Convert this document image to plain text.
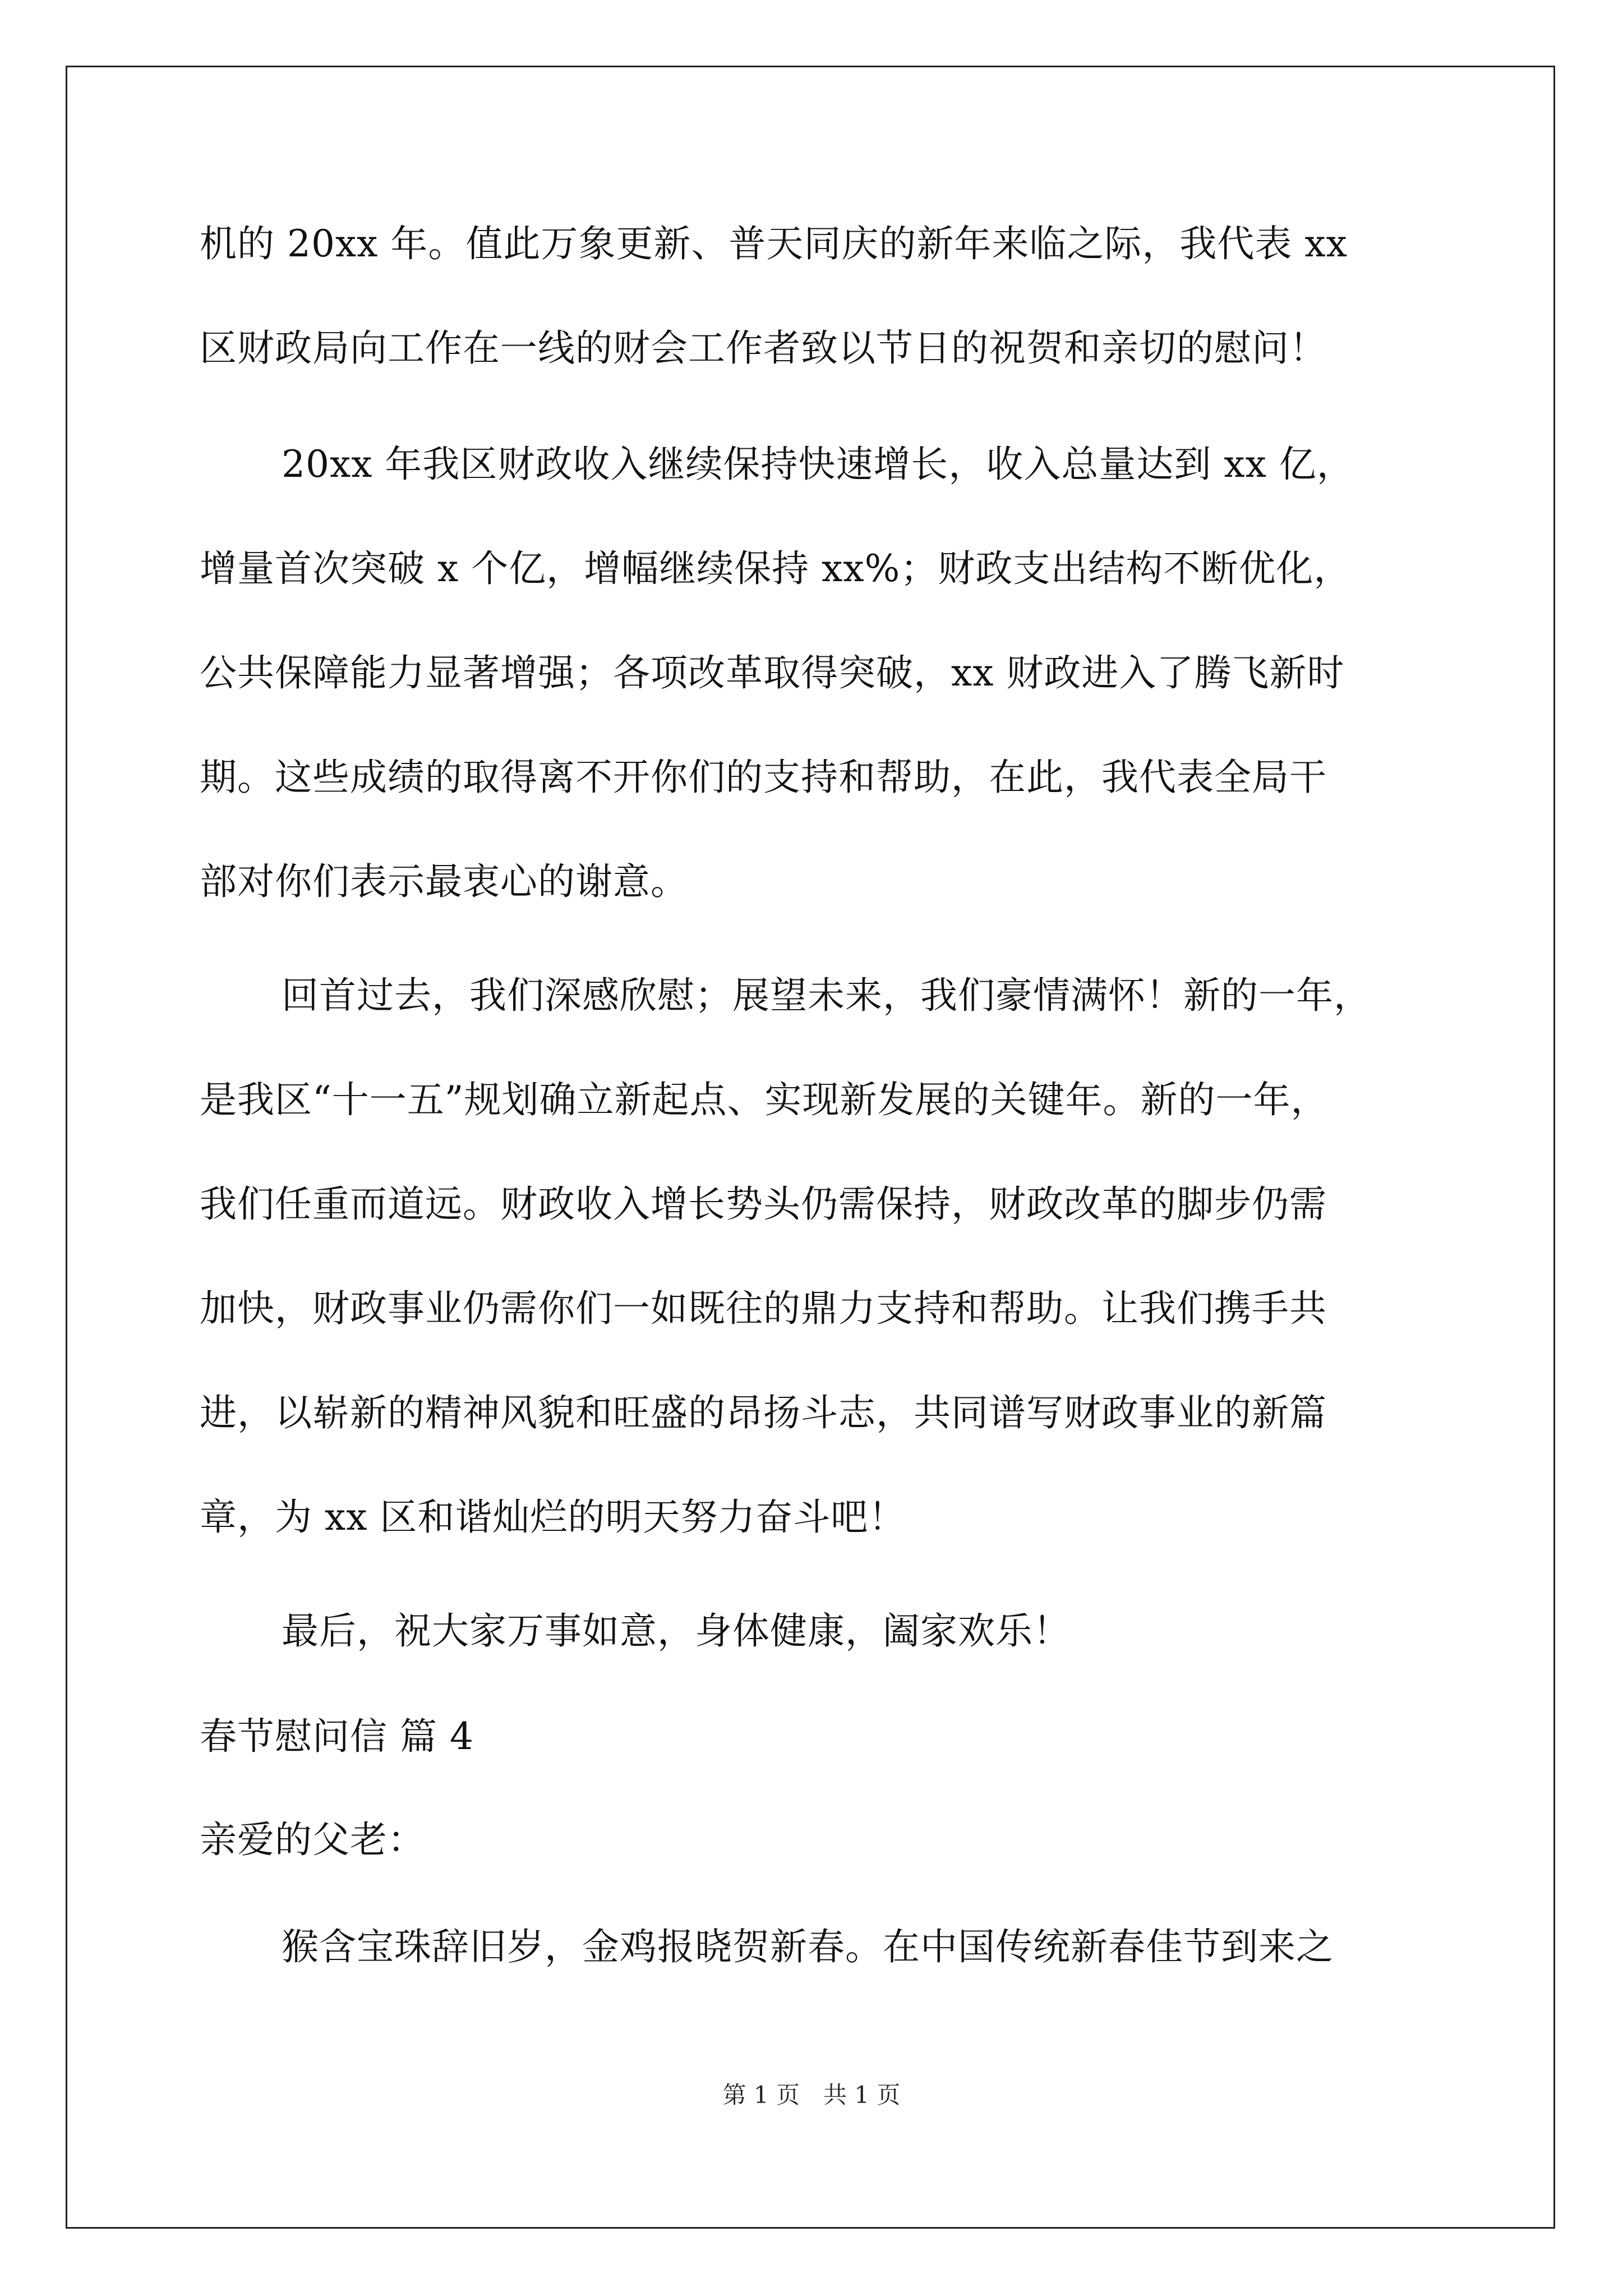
机的 20xx 年。值此万象更新、普天同庆的新年来临之际，我代表 xx
区财政局向工作在一线的财会工作者致以节日的祝贺和亲切的慰问！
20xx 年我区财政收入继续保持快速增长，收入总量达到 xx 亿，
增量首次突破 x 个亿，增幅继续保持 xx%；财政支出结构不断优化，
公共保障能力显著增强；各项改革取得突破，xx 财政进入了腾飞新时
期。这些成绩的取得离不开你们的支持和帮助，在此，我代表全局干
部对你们表示最衷心的谢意。
回首过去，我们深感欣慰；展望未来，我们豪情满怀！新的一年，
是我区“十一五”规划确立新起点、实现新发展的关键年。新的一年，
我们任重而道远。财政收入增长势头仍需保持，财政改革的脚步仍需
加快，财政事业仍需你们一如既往的鼎力支持和帮助。让我们携手共
进，以崭新的精神风貌和旺盛的昂扬斗志，共同谱写财政事业的新篇
章，为 xx 区和谐灿烂的明天努力奋斗吧！
最后，祝大家万事如意，身体健康，阖家欢乐！
春节慰问信 篇 4
亲爱的父老：
猴含宝珠辞旧岁，金鸡报晓贺新春。在中国传统新春佳节到来之
第 1 页　共 1 页
